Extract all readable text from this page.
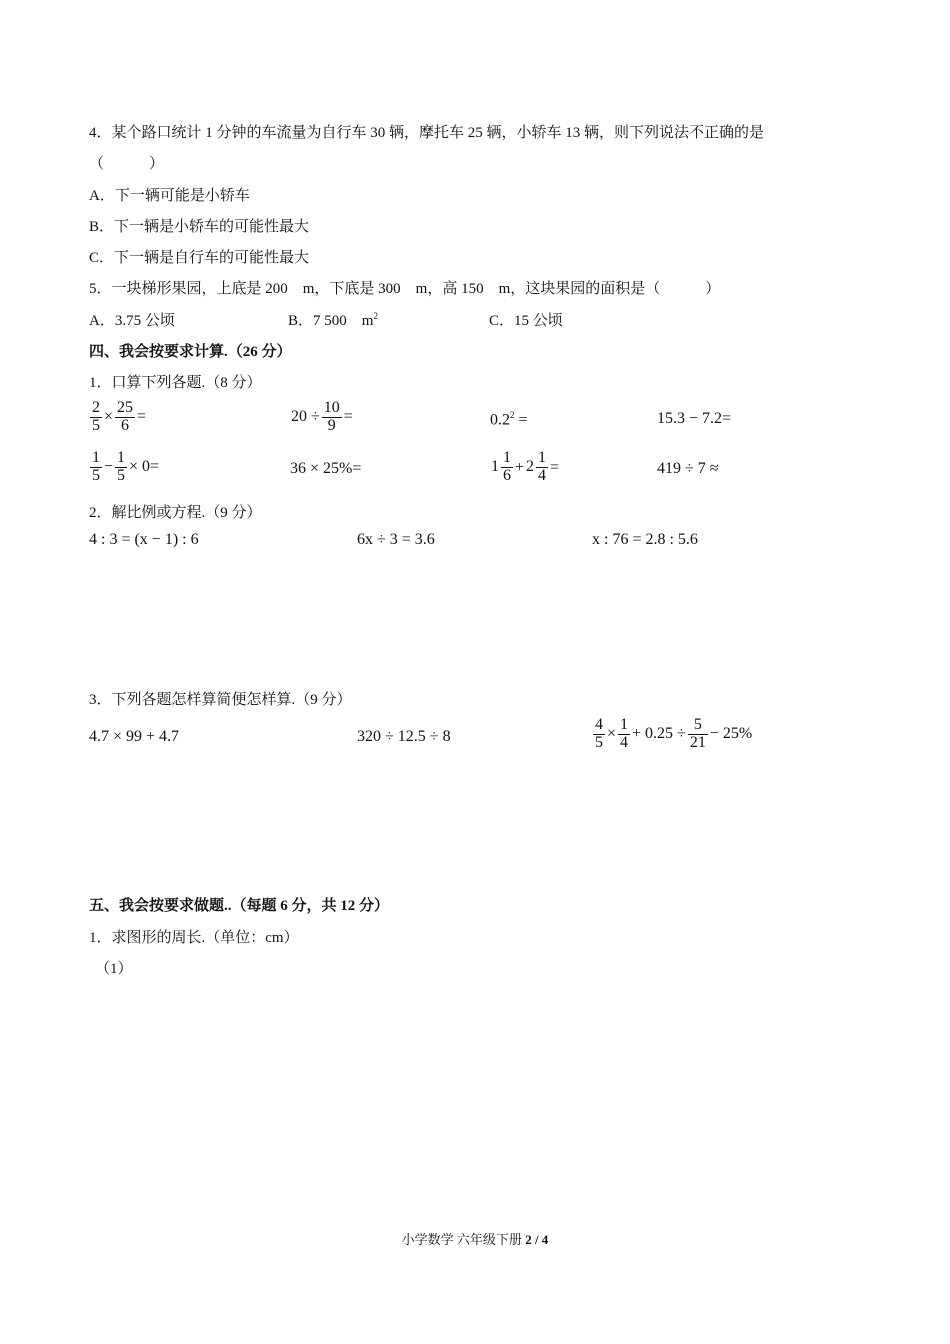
4．某个路口统计 1 分钟的车流量为自行车 30 辆，摩托车 25 辆，小轿车 13 辆，则下列说法不正确的是
（　　　）
A．下一辆可能是小轿车
B．下一辆是小轿车的可能性最大
C．下一辆是自行车的可能性最大
5．一块梯形果园，上底是 200　m，下底是 300　m，高 150　m，这块果园的面积是（　　　）
A．3.75 公顷	B．7 500　$m^2$	C．15 公顷
四、我会按要求计算.（26 分）
1．口算下列各题.（8 分）
$\frac{2}{5} \times \frac{25}{6}$ =	$20 \div \frac{10}{9}$ =	$0.2^2$ =	15.3 − 7.2=
$\frac{1}{5} - \frac{1}{5} \times 0=$	36 × 25%=	$1 \frac{1}{6} + 2 \frac{1}{4}$ =	419 ÷ 7 ≈
2．解比例或方程.（9 分）
4 : 3 = (x − 1) : 6	6x ÷ 3 = 3.6	x : 76 = 2.8 : 5.6
3．下列各题怎样算简便怎样算.（9 分）
4.7 × 99 + 4.7	320 ÷ 12.5 ÷ 8	$\frac{4}{5} \times \frac{1}{4} + 0.25 \div \frac{5}{21} - 25\%$
五、我会按要求做题..（每题 6 分，共 12 分）
1．求图形的周长.（单位：cm）
（1）
小学数学 六年级下册 2 / 4
